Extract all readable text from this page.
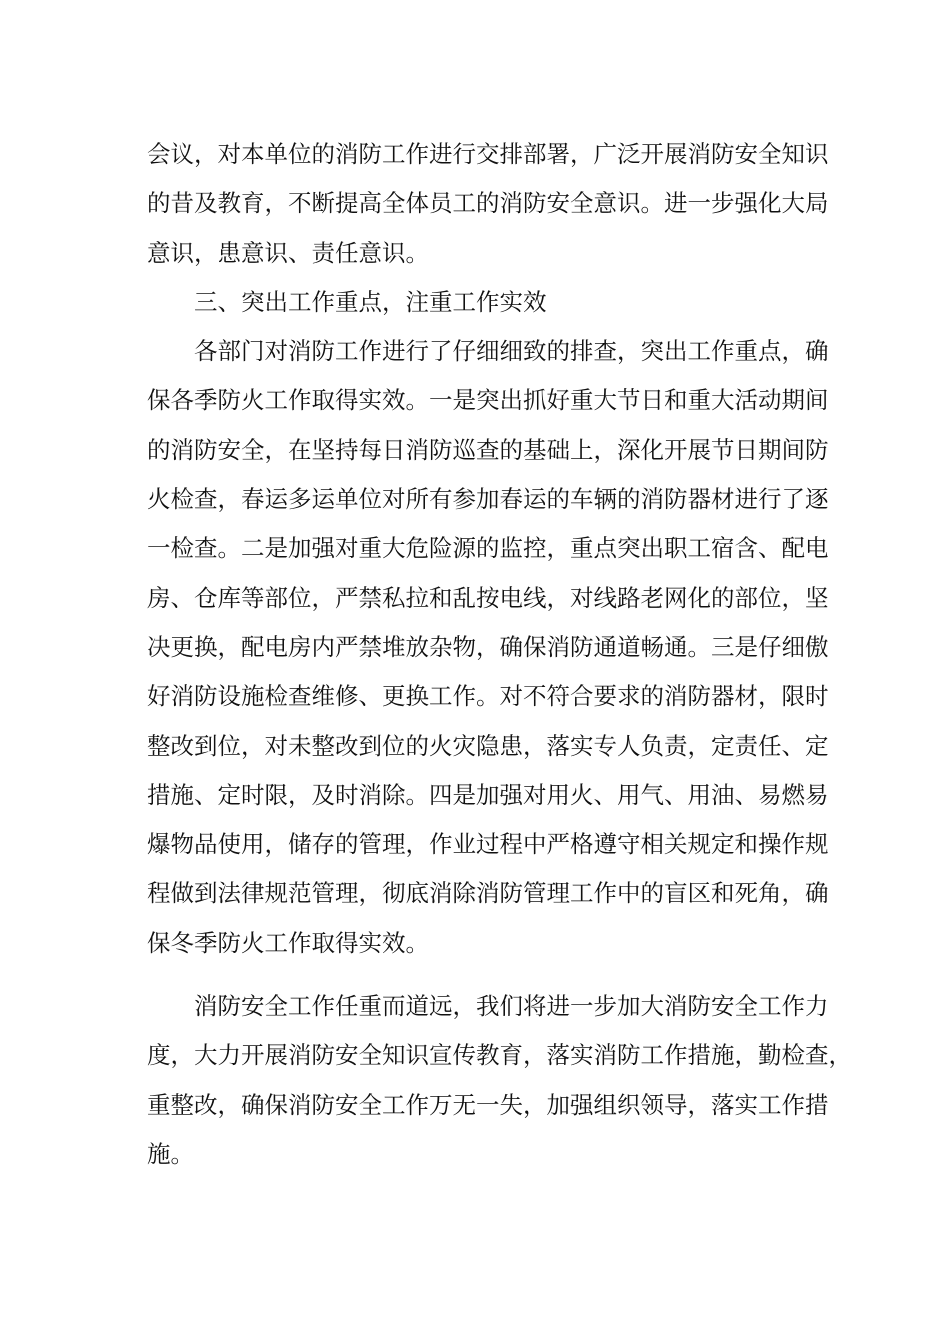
会议，对本单位的消防工作进行交排部署，广泛开展消防安全知识
的昔及教育，不断提高全体员工的消防安全意识。进一步强化大局
意识，患意识、责任意识。
三、突出工作重点，注重工作实效
各部门对消防工作进行了仔细细致的排查，突出工作重点，确
保各季防火工作取得实效。一是突出抓好重大节日和重大活动期间
的消防安全，在坚持每日消防巡查的基础上，深化开展节日期间防
火检查，春运多运单位对所有参加春运的车辆的消防器材进行了逐
一检查。二是加强对重大危险源的监控，重点突出职工宿含、配电
房、仓库等部位，严禁私拉和乱按电线，对线路老网化的部位，坚
决更换，配电房内严禁堆放杂物，确保消防通道畅通。三是仔细傲
好消防设施检查维修、更换工作。对不符合要求的消防器材，限时
整改到位，对未整改到位的火灾隐患，落实专人负责，定责任、定
措施、定时限，及时消除。四是加强对用火、用气、用油、易燃易
爆物品使用，储存的管理，作业过程中严格遵守相关规定和操作规
程做到法律规范管理，彻底消除消防管理工作中的盲区和死角，确
保冬季防火工作取得实效。
消防安全工作任重而道远，我们将进一步加大消防安全工作力
度，大力开展消防安全知识宣传教育，落实消防工作措施，勤检查，
重整改，确保消防安全工作万无一失，加强组织领导，落实工作措
施。
